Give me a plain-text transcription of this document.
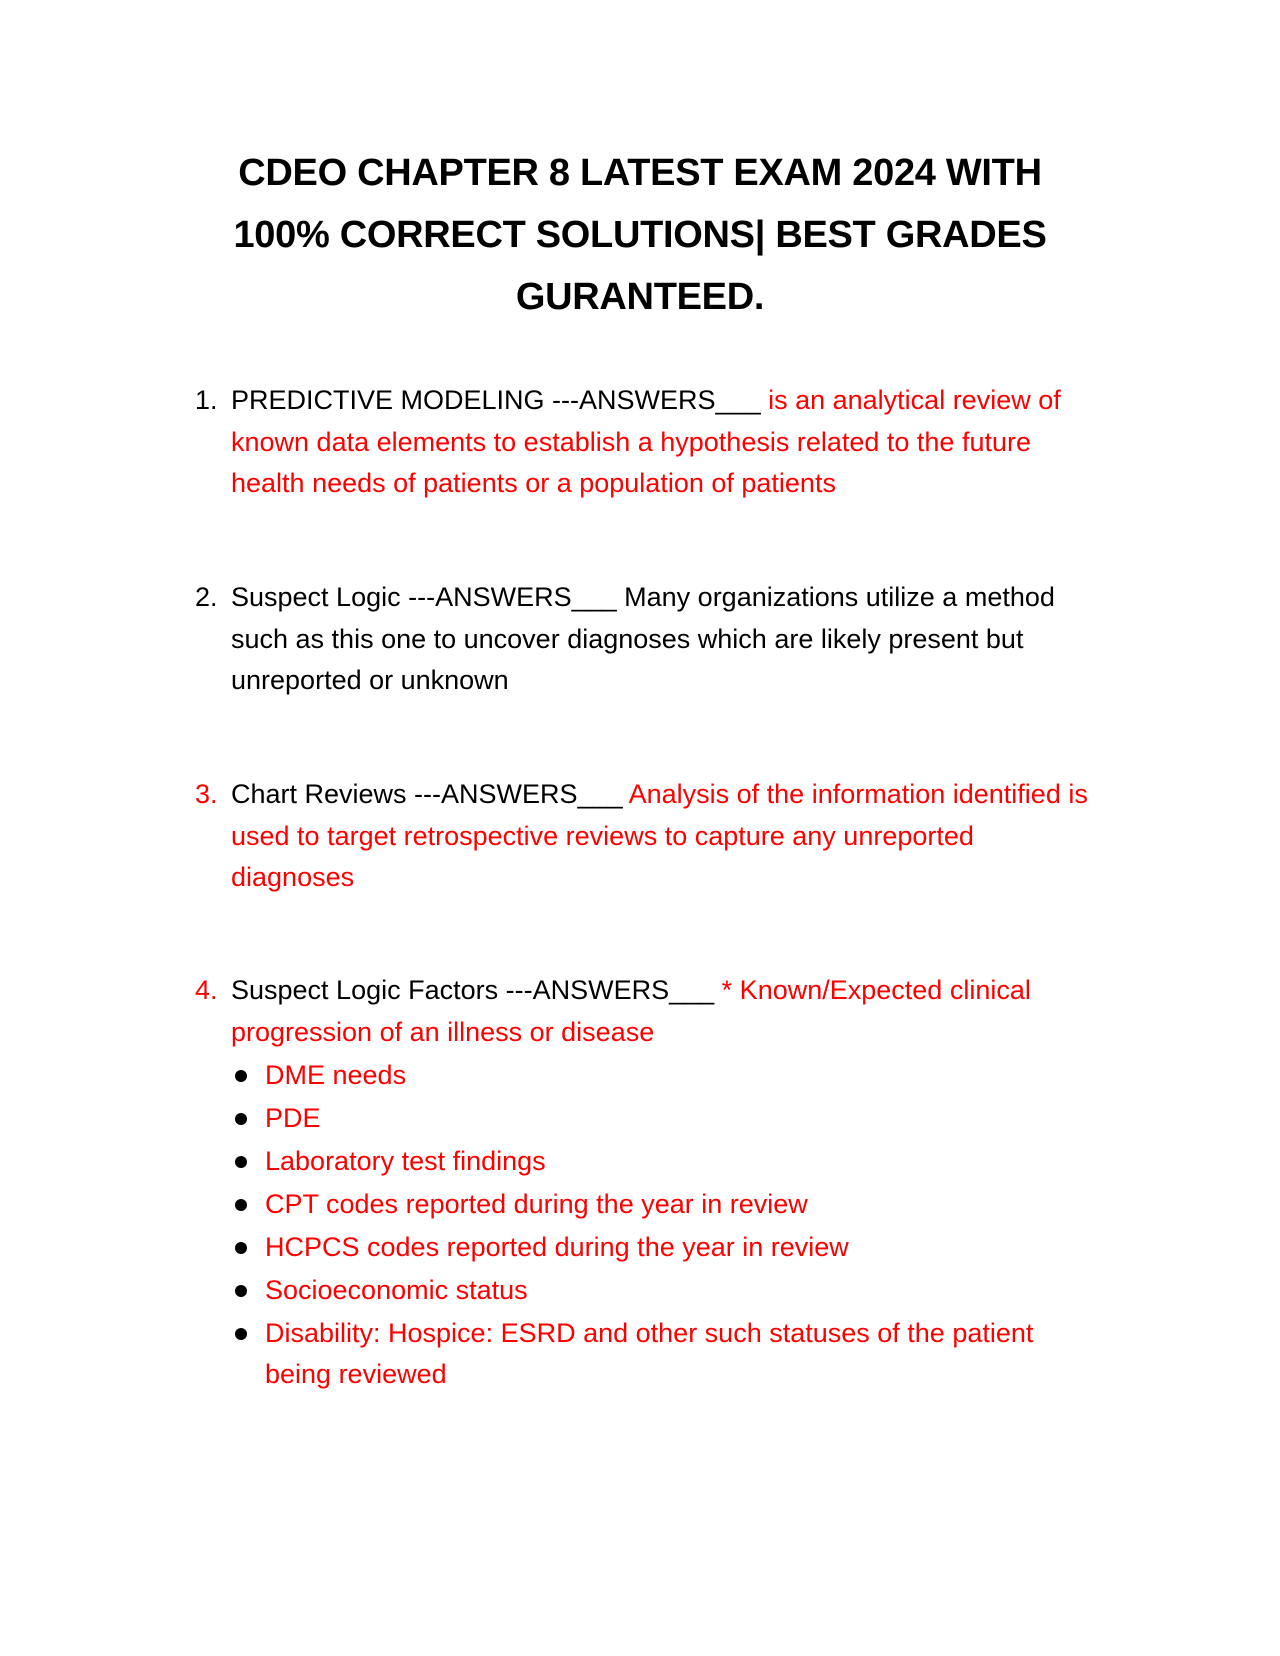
CDEO CHAPTER 8 LATEST EXAM 2024 WITH
100% CORRECT SOLUTIONS| BEST GRADES
GURANTEED.
1. PREDICTIVE MODELING ---ANSWERS___ is an analytical review of known data elements to establish a hypothesis related to the future health needs of patients or a population of patients
2. Suspect Logic ---ANSWERS___ Many organizations utilize a method such as this one to uncover diagnoses which are likely present but unreported or unknown
3. Chart Reviews ---ANSWERS___ Analysis of the information identified is used to target retrospective reviews to capture any unreported diagnoses
4. Suspect Logic Factors ---ANSWERS___ * Known/Expected clinical progression of an illness or disease
DME needs
PDE
Laboratory test findings
CPT codes reported during the year in review
HCPCS codes reported during the year in review
Socioeconomic status
Disability: Hospice: ESRD and other such statuses of the patient being reviewed
